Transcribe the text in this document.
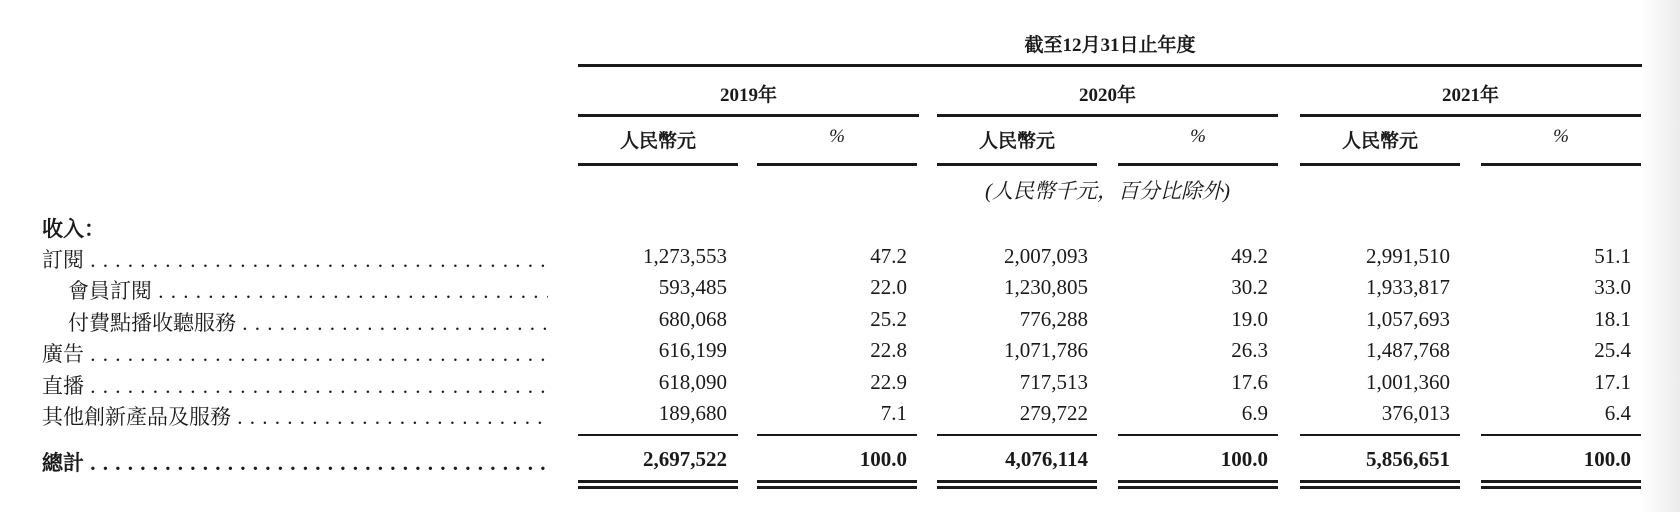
截至12月31日止年度
2019年	2020年	2021年
人民幣元	%	人民幣元	%	人民幣元	%
(人民幣千元，百分比除外)
收入：
訂閱 . . .	1,273,553	47.2	2,007,093	49.2	2,991,510	51.1
會員訂閱 . . .	593,485	22.0	1,230,805	30.2	1,933,817	33.0
付費點播收聽服務 . . .	680,068	25.2	776,288	19.0	1,057,693	18.1
廣告 . . .	616,199	22.8	1,071,786	26.3	1,487,768	25.4
直播 . . .	618,090	22.9	717,513	17.6	1,001,360	17.1
其他創新產品及服務 . . .	189,680	7.1	279,722	6.9	376,013	6.4
總計 . . .	2,697,522	100.0	4,076,114	100.0	5,856,651	100.0
